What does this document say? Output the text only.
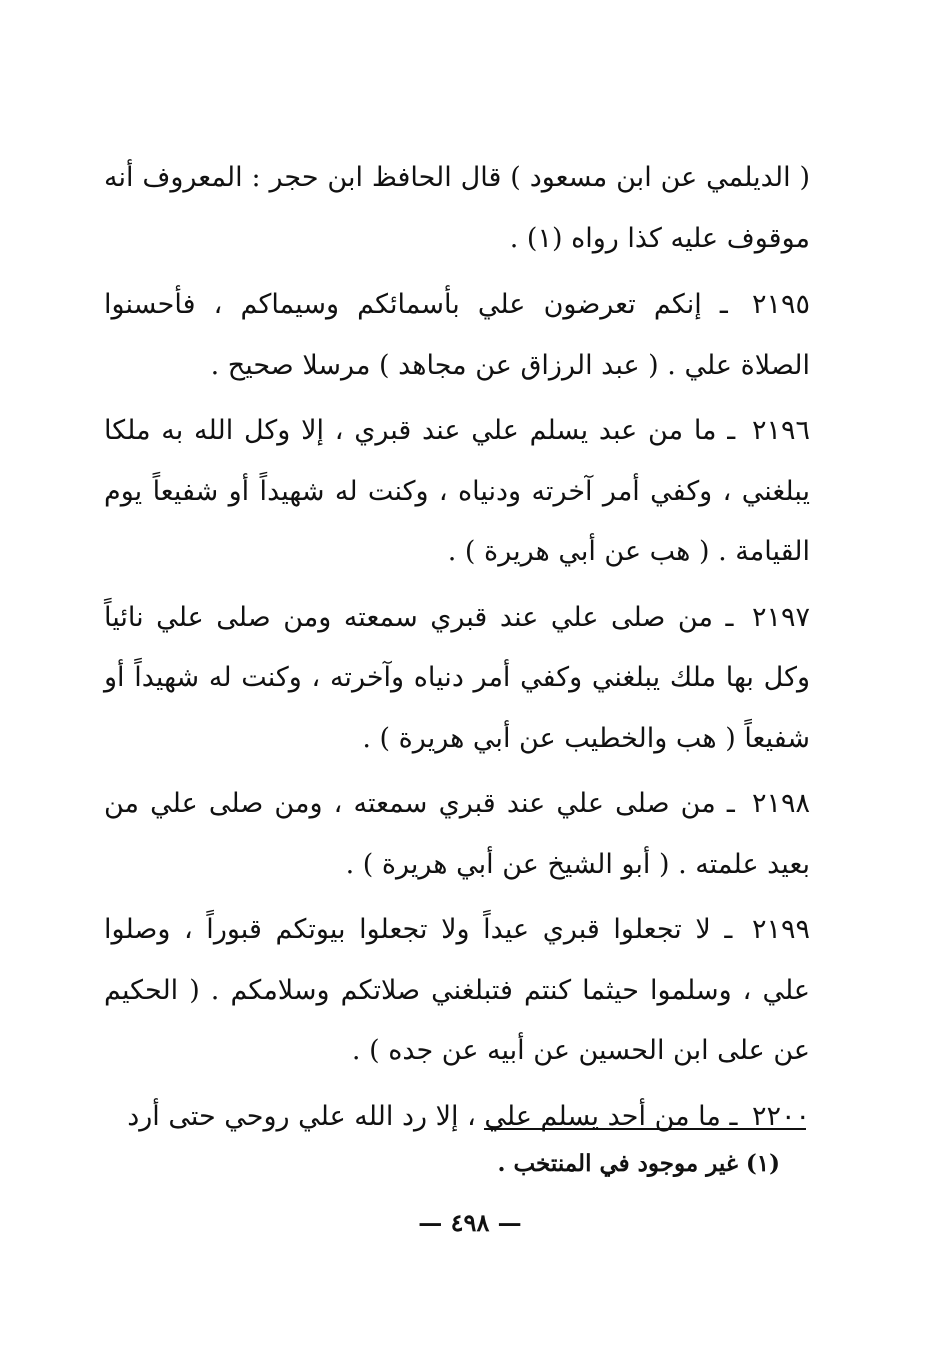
( الديلمي عن ابن مسعود ) قال الحافظ ابن حجر : المعروف أنه موقوف عليه كذا رواه (١) .

٢١٩٥ ـ إنكم تعرضون علي بأسمائكم وسيماكم ، فأحسنوا الصلاة علي . ( عبد الرزاق عن مجاهد ) مرسلا صحيح .

٢١٩٦ ـ ما من عبد يسلم علي عند قبري ، إلا وكل الله به ملكا يبلغني ، وكفي أمر آخرته ودنياه ، وكنت له شهيداً أو شفيعاً يوم القيامة . ( هب عن أبي هريرة ) .

٢١٩٧ ـ من صلى علي عند قبري سمعته ومن صلى علي نائياً وكل بها ملك يبلغني وكفي أمر دنياه وآخرته ، وكنت له شهيداً أو شفيعاً ( هب والخطيب عن أبي هريرة ) .

٢١٩٨ ـ من صلى علي عند قبري سمعته ، ومن صلى علي من بعيد علمته . ( أبو الشيخ عن أبي هريرة ) .

٢١٩٩ ـ لا تجعلوا قبري عيداً ولا تجعلوا بيوتكم قبوراً ، وصلوا علي ، وسلموا حيثما كنتم فتبلغني صلاتكم وسلامكم . ( الحكيم عن على ابن الحسين عن أبيه عن جده ) .

٢٢٠٠ ـ ما من أحد يسلم علي ، إلا رد الله علي روحي حتى أرد

(١) غير موجود في المنتخب .
— ٤٩٨ —
